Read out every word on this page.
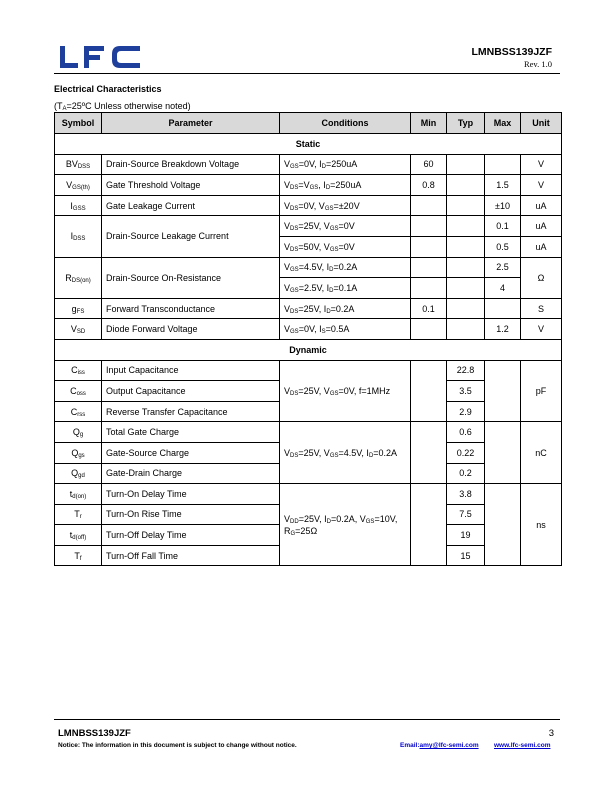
LMNBSS139JZF
Rev. 1.0
Electrical Characteristics
($T_A=25ºC$ Unless otherwise noted)
Symbol	Parameter	Conditions	Min	Typ	Max	Unit
Static						
$BV_{DSS}$	Drain-Source Breakdown Voltage	$V_{GS}=0V$, $I_D=250uA$	60			V
$V_{GS(th)}$	Gate Threshold Voltage	$V_{DS}=V_{GS}$, $I_D=250uA$	0.8		1.5	V
$I_{GSS}$	Gate Leakage Current	$V_{DS}=0V$, $V_{GS}=\pm 20V$			±10	uA
$I_{DSS}$	Drain-Source Leakage Current	$V_{DS}=25V$, $V_{GS}=0V$			0.1	uA
		$V_{DS}=50V$, $V_{GS}=0V$			0.5	uA
$R_{DS(on)}$	Drain-Source On-Resistance	$V_{GS}=4.5V$, $I_D=0.2A$			2.5	Ω
		$V_{GS}=2.5V$, $I_D=0.1A$			4	
$g_{FS}$	Forward Transconductance	$V_{DS}=25V$, $I_D=0.2A$	0.1			S
$V_{SD}$	Diode Forward Voltage	$V_{GS}=0V$, $I_S=0.5A$			1.2	V
Dynamic						
$C_{iss}$	Input Capacitance	$V_{DS}=25V$, $V_{GS}=0V$, f=1MHz		22.8		pF
$C_{oss}$	Output Capacitance			3.5		
$C_{rss}$	Reverse Transfer Capacitance			2.9		
$Q_g$	Total Gate Charge	$V_{DS}=25V$, $V_{GS}=4.5V$, $I_D=0.2A$		0.6		nC
$Q_{gs}$	Gate-Source Charge			0.22		
$Q_{gd}$	Gate-Drain Charge			0.2		
$t_{d(on)}$	Turn-On Delay Time	$V_{DD}=25V$, $I_D=0.2A$, $V_{GS}=10V$, $R_G=25\Omega$		3.8		ns
$T_r$	Turn-On Rise Time			7.5		
$t_{d(off)}$	Turn-Off Delay Time			19		
$T_f$	Turn-Off Fall Time			15		
LMNBSS139JZF	3
Notice: The information in this document is subject to change without notice.	Email:amy@lfc-semi.com www.lfc-semi.com
